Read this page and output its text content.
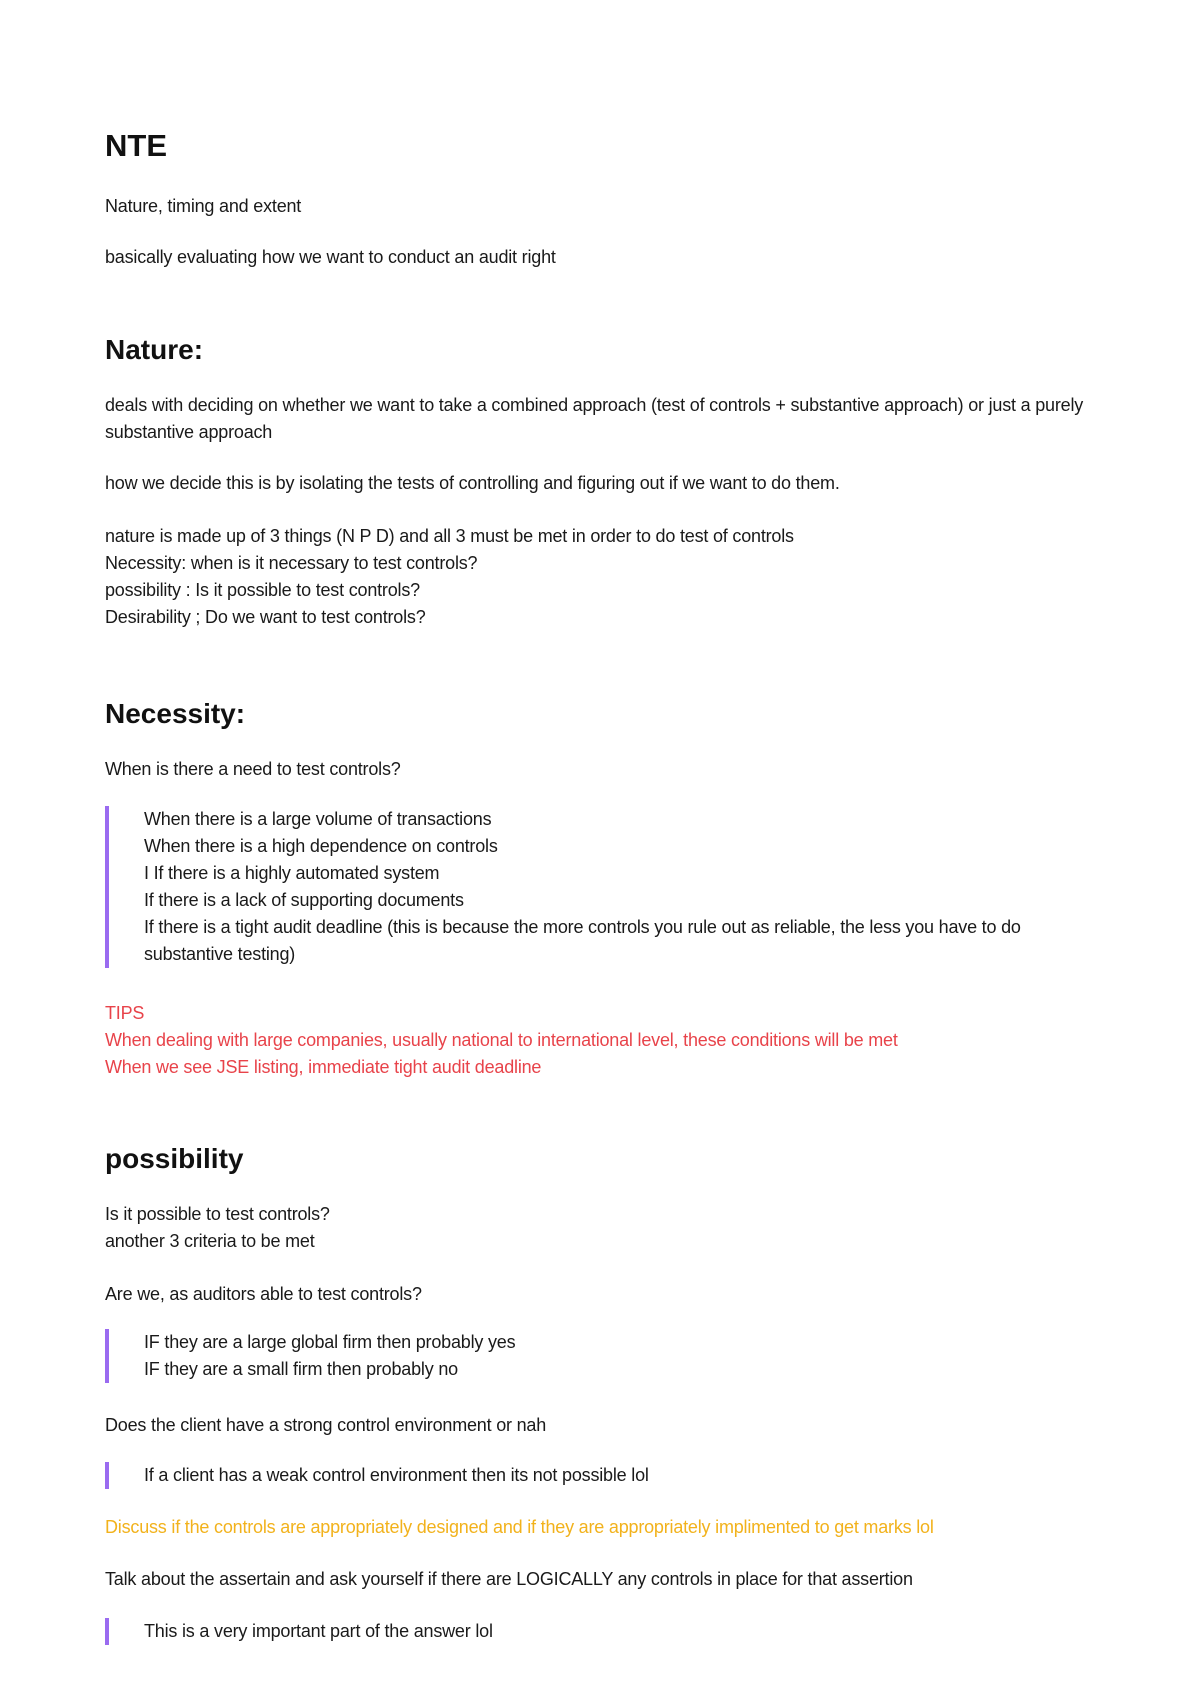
NTE

Nature, timing and extent

basically evaluating how we want to conduct an audit right

Nature:

deals with deciding on whether we want to take a combined approach (test of controls + substantive approach) or just a purely substantive approach

how we decide this is by isolating the tests of controlling and figuring out if we want to do them.

nature is made up of 3 things (N P D) and all 3 must be met in order to do test of controls

Necessity: when is it necessary to test controls?

possibility : Is it possible to test controls?

Desirability ; Do we want to test controls?

Necessity:

When is there a need to test controls?

When there is a large volume of transactions
When there is a high dependence on controls
I If there is a highly automated system
If there is a lack of supporting documents
If there is a tight audit deadline (this is because the more controls you rule out as reliable, the less you have to do substantive testing)

TIPS

When dealing with large companies, usually national to international level, these conditions will be met

When we see JSE listing, immediate tight audit deadline

possibility

Is it possible to test controls?

another 3 criteria to be met

Are we, as auditors able to test controls?

IF they are a large global firm then probably yes
IF they are a small firm then probably no

Does the client have a strong control environment or nah

If a client has a weak control environment then its not possible lol

Discuss if the controls are appropriately designed and if they are appropriately implimented to get marks lol

Talk about the assertain and ask yourself if there are LOGICALLY any controls in place for that assertion

This is a very important part of the answer lol
